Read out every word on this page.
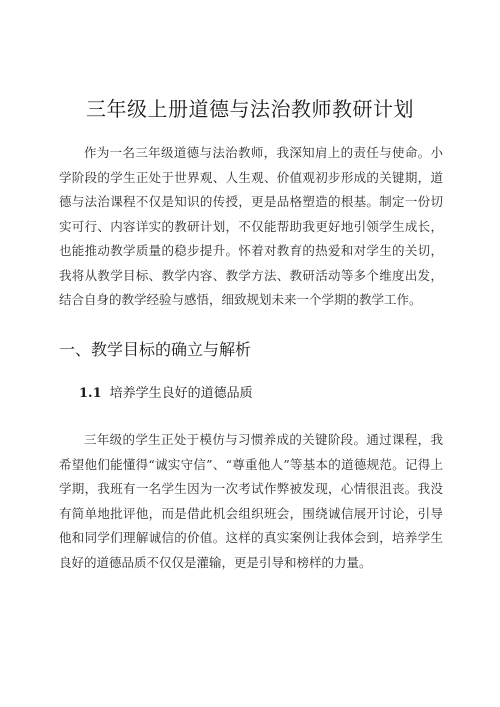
三年级上册道德与法治教师教研计划

作为一名三年级道德与法治教师，我深知肩上的责任与使命。小学阶段的学生正处于世界观、人生观、价值观初步形成的关键期，道德与法治课程不仅是知识的传授，更是品格塑造的根基。制定一份切实可行、内容详实的教研计划，不仅能帮助我更好地引领学生成长，也能推动教学质量的稳步提升。怀着对教育的热爱和对学生的关切，我将从教学目标、教学内容、教学方法、教研活动等多个维度出发，结合自身的教学经验与感悟，细致规划未来一个学期的教学工作。

一、教学目标的确立与解析
1.1 培养学生良好的道德品质

三年级的学生正处于模仿与习惯养成的关键阶段。通过课程，我希望他们能懂得“诚实守信”、“尊重他人”等基本的道德规范。记得上学期，我班有一名学生因为一次考试作弊被发现，心情很沮丧。我没有简单地批评他，而是借此机会组织班会，围绕诚信展开讨论，引导他和同学们理解诚信的价值。这样的真实案例让我体会到，培养学生良好的道德品质不仅仅是灌输，更是引导和榜样的力量。
